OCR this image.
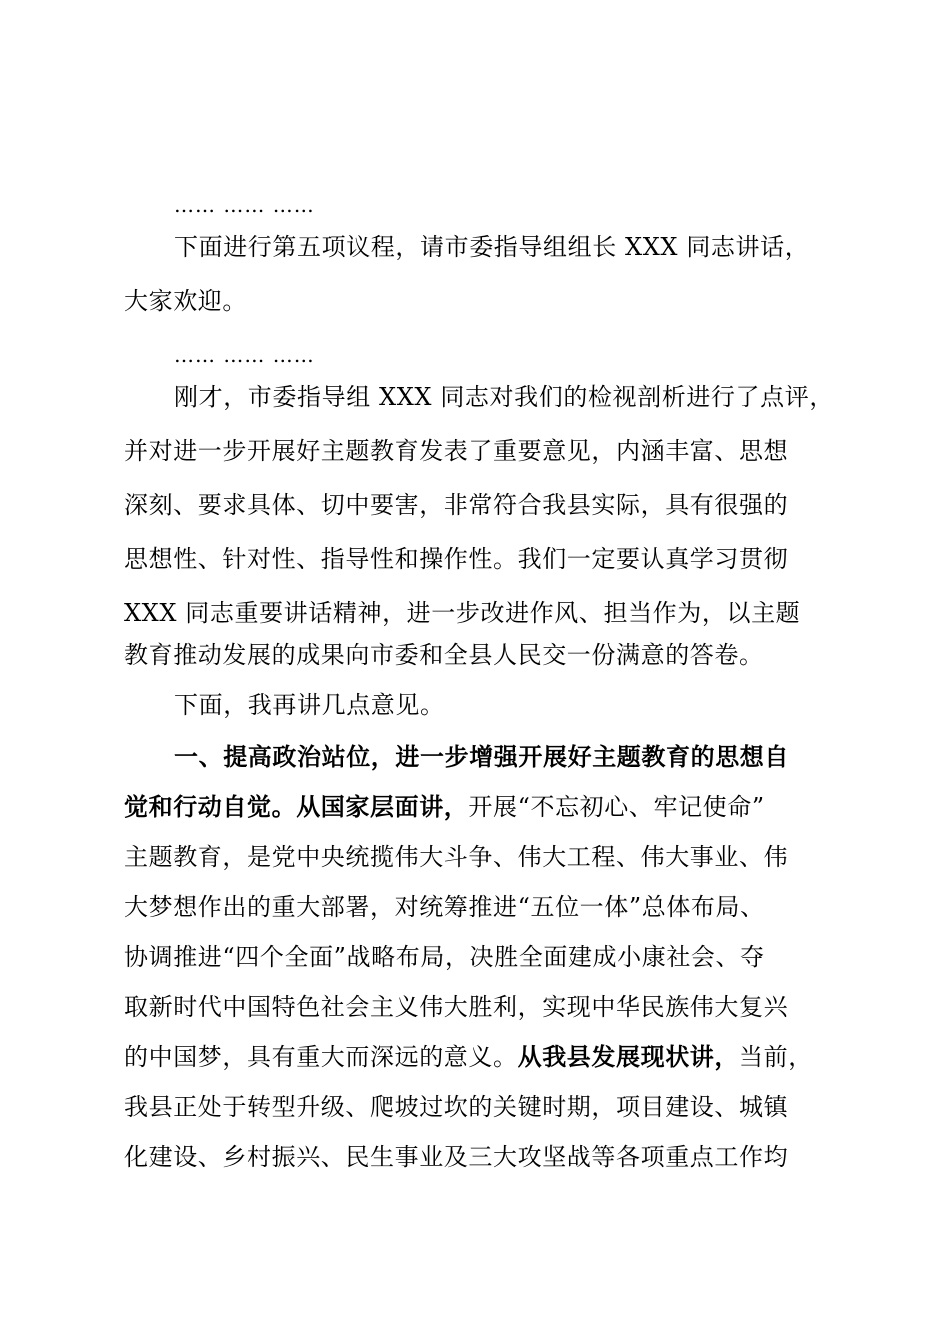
…… …… ……
下面进行第五项议程，请市委指导组组长 XXX 同志讲话，
大家欢迎。
…… …… ……
刚才，市委指导组 XXX 同志对我们的检视剖析进行了点评，
并对进一步开展好主题教育发表了重要意见，内涵丰富、思想
深刻、要求具体、切中要害，非常符合我县实际，具有很强的
思想性、针对性、指导性和操作性。我们一定要认真学习贯彻
XXX 同志重要讲话精神，进一步改进作风、担当作为，以主题
教育推动发展的成果向市委和全县人民交一份满意的答卷。
下面，我再讲几点意见。
一、提高政治站位，进一步增强开展好主题教育的思想自
觉和行动自觉。从国家层面讲，开展“不忘初心、牢记使命”
主题教育，是党中央统揽伟大斗争、伟大工程、伟大事业、伟
大梦想作出的重大部署，对统筹推进“五位一体”总体布局、
协调推进“四个全面”战略布局，决胜全面建成小康社会、夺
取新时代中国特色社会主义伟大胜利，实现中华民族伟大复兴
的中国梦，具有重大而深远的意义。从我县发展现状讲，当前，
我县正处于转型升级、爬坡过坎的关键时期，项目建设、城镇
化建设、乡村振兴、民生事业及三大攻坚战等各项重点工作均
